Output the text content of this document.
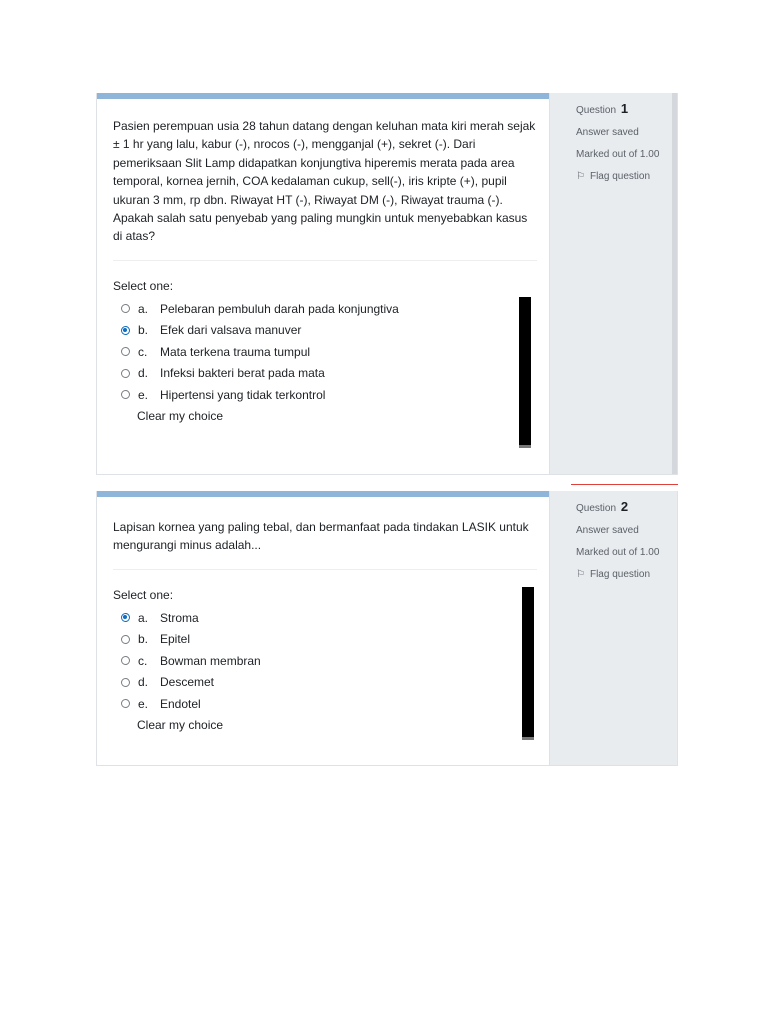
Pasien perempuan usia 28 tahun datang dengan keluhan mata kiri merah sejak ± 1 hr yang lalu, kabur (-), nrocos (-), mengganjal (+), sekret (-). Dari pemeriksaan Slit Lamp didapatkan konjungtiva hiperemis merata pada area temporal, kornea jernih, COA kedalaman cukup, sell(-), iris kripte (+), pupil ukuran 3 mm, rp dbn. Riwayat HT (-), Riwayat DM (-), Riwayat trauma (-).

Apakah salah satu penyebab yang paling mungkin untuk menyebabkan kasus di atas?

Select one:
a. Pelebaran pembuluh darah pada konjungtiva
b. Efek dari valsava manuver
c.	Mata terkena trauma tumpul
d. Infeksi bakteri berat pada mata
e. Hipertensi yang tidak terkontrol
Clear my choice
Question 1
Answer saved
Marked out of 1.00
⚐ Flag question

Lapisan kornea yang paling tebal, dan bermanfaat pada tindakan LASIK untuk mengurangi minus adalah...

Select one:
a. Stroma
b. Epitel
c.	Bowman membran
d. Descemet
e. Endotel
Clear my choice
Question 2
Answer saved
Marked out of 1.00
⚐ Flag question
